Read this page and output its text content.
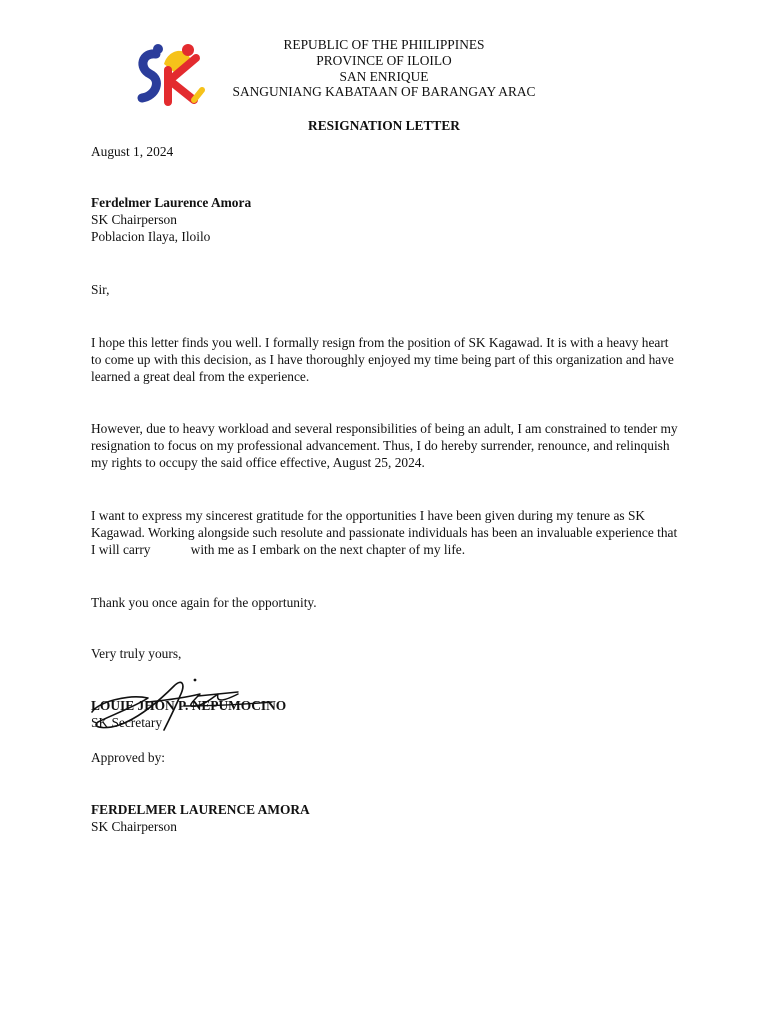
REPUBLIC OF THE PHIILIPPINES
PROVINCE OF ILOILO
SAN ENRIQUE
SANGUNIANG KABATAAN OF BARANGAY ARAC
RESIGNATION LETTER
August 1, 2024

Ferdelmer Laurence Amora

SK Chairperson

Poblacion Ilaya, Iloilo

Sir,
I hope this letter finds you well. I formally resign from the position of SK Kagawad. It is with a heavy heart to come up with this decision, as I have thoroughly enjoyed my time being part of this organization and have learned a great deal from the experience.
However, due to heavy workload and several responsibilities of being an adult, I am constrained to tender my resignation to focus on my professional advancement. Thus, I do hereby surrender, renounce, and relinquish my rights to occupy the said office effective, August 25, 2024.
I want to express my sincerest gratitude for the opportunities I have been given during my tenure as SK Kagawad. Working alongside such resolute and passionate individuals has been an invaluable experience that I will carry            with me as I embark on the next chapter of my life.
Thank you once again for the opportunity.
Very truly yours,

LOUIE JHON P. NEPUMOCINO

SK Secretary

Approved by:

FERDELMER LAURENCE AMORA

SK Chairperson
